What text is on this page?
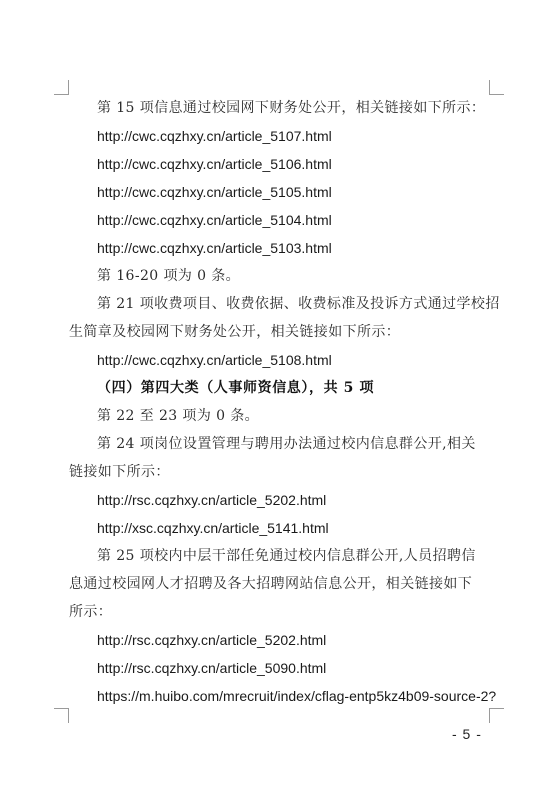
第 15 项信息通过校园网下财务处公开，相关链接如下所示：
http://cwc.cqzhxy.cn/article_5107.html
http://cwc.cqzhxy.cn/article_5106.html
http://cwc.cqzhxy.cn/article_5105.html
http://cwc.cqzhxy.cn/article_5104.html
http://cwc.cqzhxy.cn/article_5103.html
第 16-20 项为 0 条。
第 21 项收费项目、收费依据、收费标准及投诉方式通过学校招
生简章及校园网下财务处公开，相关链接如下所示：
http://cwc.cqzhxy.cn/article_5108.html
（四）第四大类（人事师资信息），共 5 项
第 22 至 23 项为 0 条。
第 24 项岗位设置管理与聘用办法通过校内信息群公开,相关
链接如下所示：
http://rsc.cqzhxy.cn/article_5202.html
http://xsc.cqzhxy.cn/article_5141.html
第 25 项校内中层干部任免通过校内信息群公开,人员招聘信
息通过校园网人才招聘及各大招聘网站信息公开，相关链接如下
所示：
http://rsc.cqzhxy.cn/article_5202.html
http://rsc.cqzhxy.cn/article_5090.html
https://m.huibo.com/mrecruit/index/cflag-entp5kz4b09-source-2?
- 5 -
